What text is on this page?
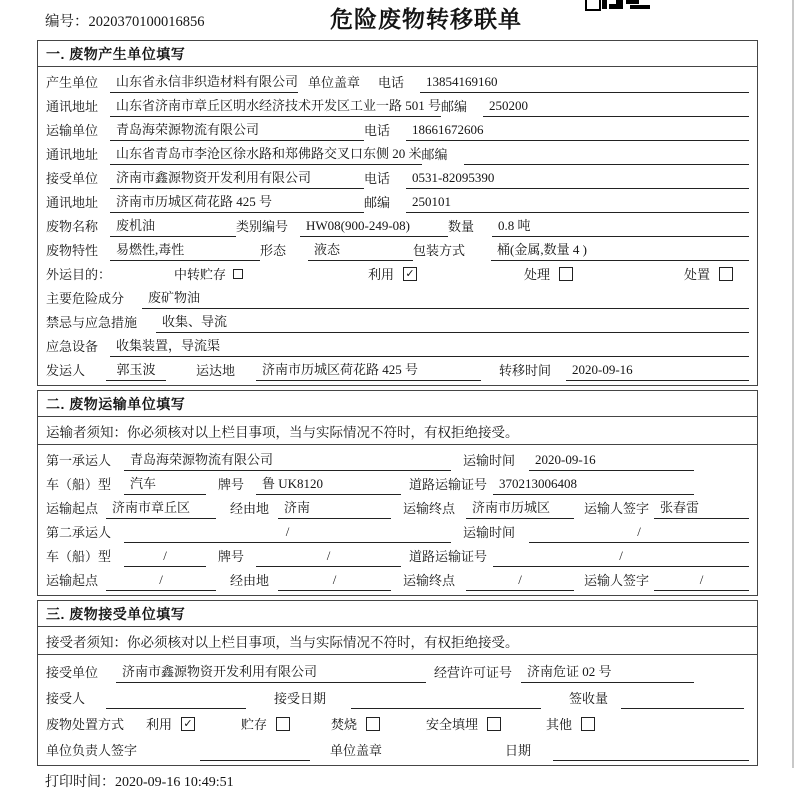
编号：2020370100016856	危险废物转移联单
一. 废物产生单位填写
产生单位	山东省永信非织造材料有限公司 单位盖章	电话	13854169160
通讯地址	山东省济南市章丘区明水经济技术开发区工业一路 501 号 邮编	250200
运输单位	青岛海荣源物流有限公司	电话	18661672606
通讯地址	山东省青岛市李沧区徐水路和郑佛路交叉口东侧 20 米 邮编
接受单位	济南市鑫源物资开发利用有限公司	电话	0531-82095390
通讯地址	济南市历城区荷花路 425 号	邮编	250101
废物名称	废机油	类别编号	HW08(900-249-08)	数量	0.8 吨
废物特性	易燃性,毒性	形态	液态	包装方式	桶(金属,数量 4 )
外运目的：	中转贮存	利用 ✓	处理	处置
主要危险成分	废矿物油
禁忌与应急措施	收集、导流
应急设备	收集装置，导流渠
发运人	郭玉波	运达地	济南市历城区荷花路 425 号	转移时间	2020-09-16
二. 废物运输单位填写
运输者须知：你必须核对以上栏目事项，当与实际情况不符时，有权拒绝接受。
第一承运人	青岛海荣源物流有限公司	运输时间	2020-09-16
车（船）型	汽车	牌号	鲁 UK8120	道路运输证号 370213006408
运输起点	济南市章丘区	经由地	济南	运输终点	济南市历城区	运输人签字 张春雷
第二承运人	/	运输时间	/
车（船）型	/	牌号	/	道路运输证号	/
运输起点	/	经由地	/	运输终点	/	运输人签字	/
三. 废物接受单位填写
接受者须知：你必须核对以上栏目事项，当与实际情况不符时，有权拒绝接受。
接受单位	济南市鑫源物资开发利用有限公司	经营许可证号	济南危证 02 号
接受人	接受日期	签收量
废物处置方式	利用 ✓	贮存	焚烧	安全填埋	其他
单位负责人签字	单位盖章	日期
打印时间：2020-09-16 10:49:51
